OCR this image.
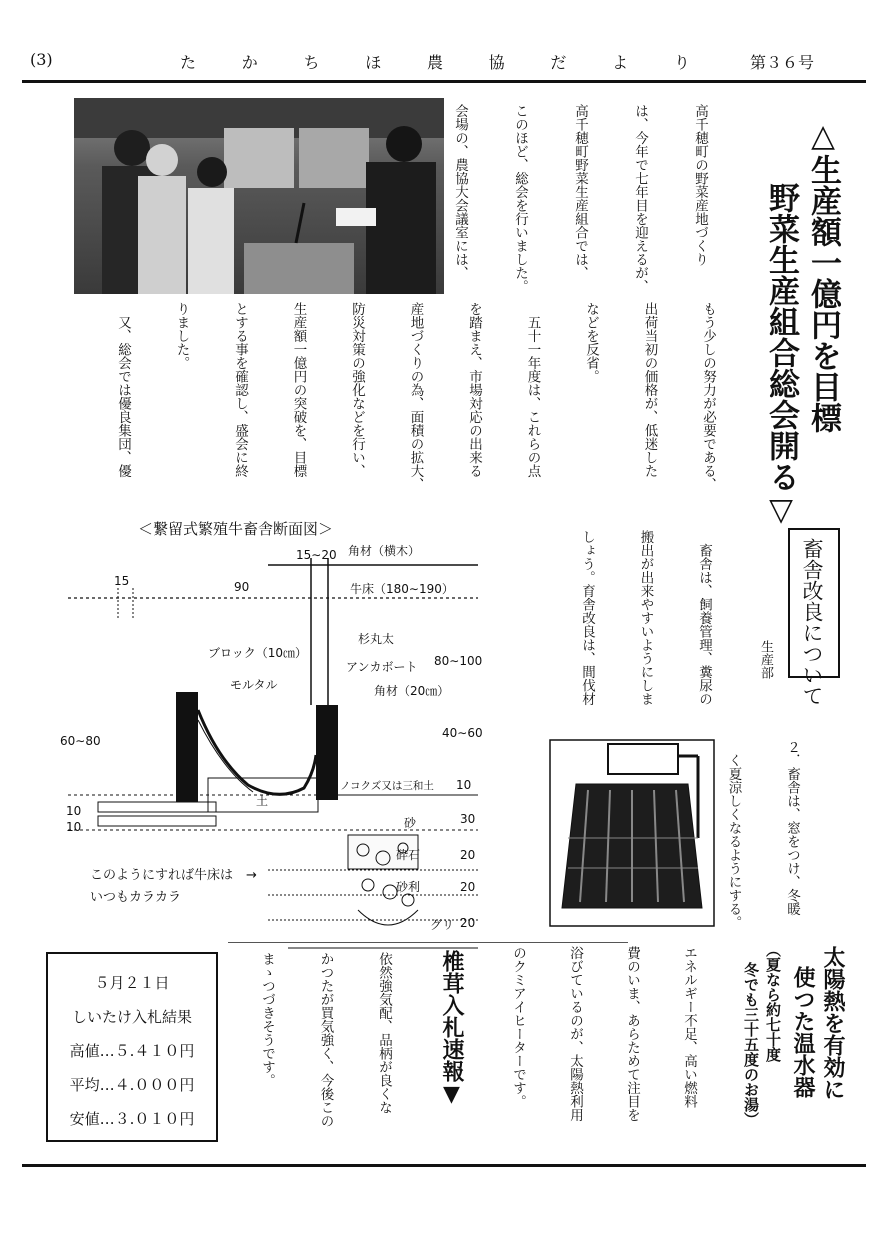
(3)	た	か	ち	ほ	農	協	だ	よ	り	第３６号
△生産額一億円を目標
野菜生産組合総会開る▽

高千穂町の野菜産地づくり

は、今年で七年目を迎えるが、

高千穂町野菜生産組合では、

このほど、総会を行いました。

会場の、農協大会議室には、

もう少しの努力が必要である、

出荷当初の価格が、低迷した

などを反省。

　五十一年度は、これらの点

を踏まえ、市場対応の出来る

産地づくりの為、面積の拡大、

防災対策の強化などを行い、

生産額一億円の突破を、目標

とする事を確認し、盛会に終

りました。

　又、総会では優良集団、優

畜舎改良について
生産部

　畜舎は、飼養管理、糞尿の

搬出が出来やすいようにしま

しょう。育舎改良は、間伐材

２．畜舎は、窓をつけ、冬暖

　く夏涼しくなるようにする。

＜繋留式繁殖牛畜舎断面図＞
15∼20 角材（横木）
15	90	牛床（180∼190）
杉丸太
ブロック（10㎝）
アンカボート
モルタル	角材（20㎝）
80∼100
60∼80
40∼60
ノコクズ又は三和土 10
土
10
10	砂	30
砕石	20
砂利	20
グリ 20
このようにすれば牛床は　→
いつもカラカラ
５月２１日
しいたけ入札結果
高値…５.４１０円
平均…４.０００円
安値…３.０１０円
椎茸入札速報▼

依然強気配、品柄が良くな

かつたが買気強く、今後この

まゝつづきそうです。

	太陽熱を有効に
使つた温水器
（夏なら約七十度
冬でも三十五度のお湯）

エネルギー不足、高い燃料

費のいま、あらためて注目を

浴びているのが、太陽熱利用

のクミアイヒーターです。
